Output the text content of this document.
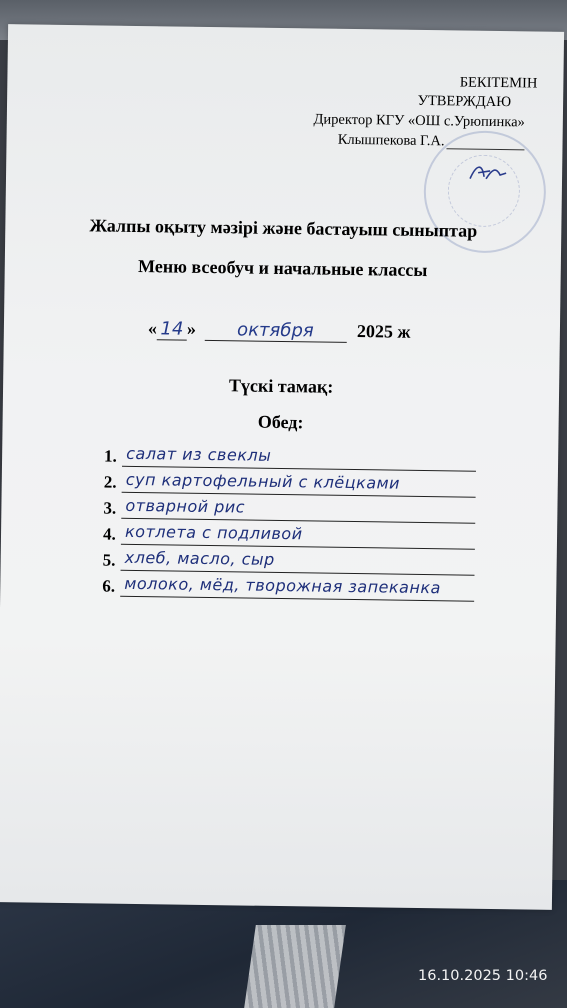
БЕКІТЕМІН
УТВЕРЖДАЮ
Директор КГУ «ОШ с.Урюпинка»
Клышпекова Г.А.
Жалпы оқыту мәзірі және бастауыш сыныптар
Меню всеобуч и начальные классы
« 14 » октября 2025 ж
Түскі тамақ:
Обед:
1. салат из свеклы
2. суп картофельный с клёцками
3. отварной рис
4. котлета с подливой
5. хлеб, масло, сыр
6. молоко, мёд, творожная запеканка
16.10.2025 10:46
